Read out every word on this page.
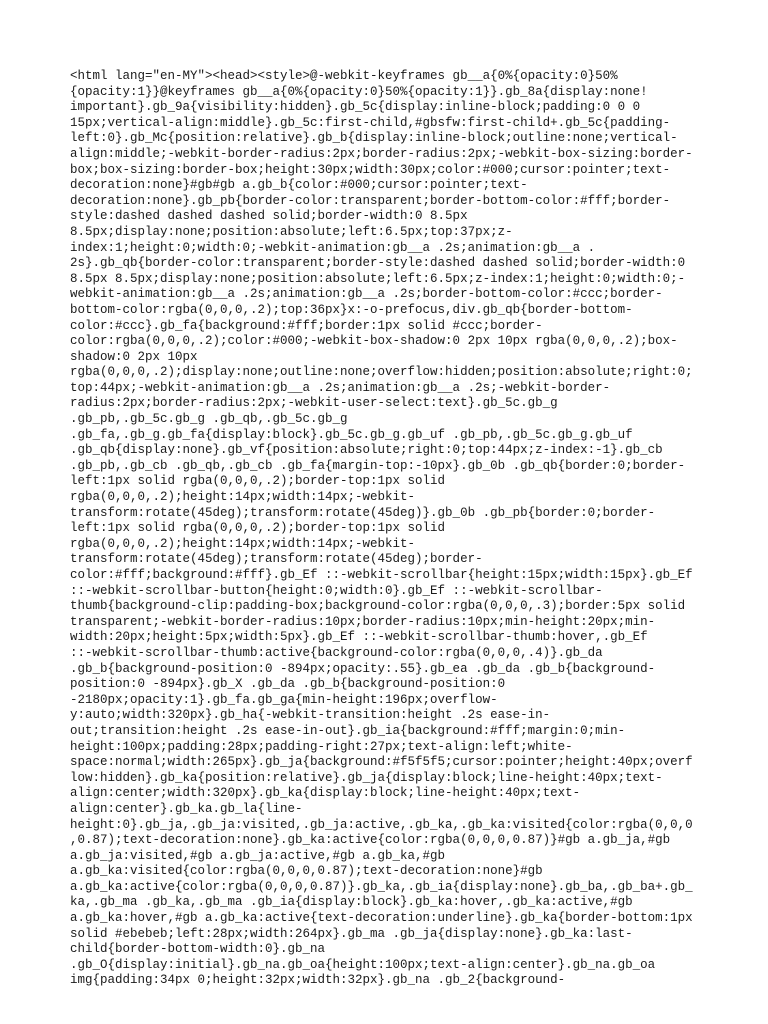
<html lang="en-MY"><head><style>@-webkit-keyframes gb__a{0%{opacity:0}50%
{opacity:1}}@keyframes gb__a{0%{opacity:0}50%{opacity:1}}.gb_8a{display:none!
important}.gb_9a{visibility:hidden}.gb_5c{display:inline-block;padding:0 0 0
15px;vertical-align:middle}.gb_5c:first-child,#gbsfw:first-child+.gb_5c{padding-
left:0}.gb_Mc{position:relative}.gb_b{display:inline-block;outline:none;vertical-
align:middle;-webkit-border-radius:2px;border-radius:2px;-webkit-box-sizing:border-
box;box-sizing:border-box;height:30px;width:30px;color:#000;cursor:pointer;text-
decoration:none}#gb#gb a.gb_b{color:#000;cursor:pointer;text-
decoration:none}.gb_pb{border-color:transparent;border-bottom-color:#fff;border-
style:dashed dashed dashed solid;border-width:0 8.5px
8.5px;display:none;position:absolute;left:6.5px;top:37px;z-
index:1;height:0;width:0;-webkit-animation:gb__a .2s;animation:gb__a .
2s}.gb_qb{border-color:transparent;border-style:dashed dashed solid;border-width:0
8.5px 8.5px;display:none;position:absolute;left:6.5px;z-index:1;height:0;width:0;-
webkit-animation:gb__a .2s;animation:gb__a .2s;border-bottom-color:#ccc;border-
bottom-color:rgba(0,0,0,.2);top:36px}x:-o-prefocus,div.gb_qb{border-bottom-
color:#ccc}.gb_fa{background:#fff;border:1px solid #ccc;border-
color:rgba(0,0,0,.2);color:#000;-webkit-box-shadow:0 2px 10px rgba(0,0,0,.2);box-
shadow:0 2px 10px
rgba(0,0,0,.2);display:none;outline:none;overflow:hidden;position:absolute;right:0;
top:44px;-webkit-animation:gb__a .2s;animation:gb__a .2s;-webkit-border-
radius:2px;border-radius:2px;-webkit-user-select:text}.gb_5c.gb_g
.gb_pb,.gb_5c.gb_g .gb_qb,.gb_5c.gb_g
.gb_fa,.gb_g.gb_fa{display:block}.gb_5c.gb_g.gb_uf .gb_pb,.gb_5c.gb_g.gb_uf
.gb_qb{display:none}.gb_vf{position:absolute;right:0;top:44px;z-index:-1}.gb_cb
.gb_pb,.gb_cb .gb_qb,.gb_cb .gb_fa{margin-top:-10px}.gb_0b .gb_qb{border:0;border-
left:1px solid rgba(0,0,0,.2);border-top:1px solid
rgba(0,0,0,.2);height:14px;width:14px;-webkit-
transform:rotate(45deg);transform:rotate(45deg)}.gb_0b .gb_pb{border:0;border-
left:1px solid rgba(0,0,0,.2);border-top:1px solid
rgba(0,0,0,.2);height:14px;width:14px;-webkit-
transform:rotate(45deg);transform:rotate(45deg);border-
color:#fff;background:#fff}.gb_Ef ::-webkit-scrollbar{height:15px;width:15px}.gb_Ef
::-webkit-scrollbar-button{height:0;width:0}.gb_Ef ::-webkit-scrollbar-
thumb{background-clip:padding-box;background-color:rgba(0,0,0,.3);border:5px solid
transparent;-webkit-border-radius:10px;border-radius:10px;min-height:20px;min-
width:20px;height:5px;width:5px}.gb_Ef ::-webkit-scrollbar-thumb:hover,.gb_Ef
::-webkit-scrollbar-thumb:active{background-color:rgba(0,0,0,.4)}.gb_da
.gb_b{background-position:0 -894px;opacity:.55}.gb_ea .gb_da .gb_b{background-
position:0 -894px}.gb_X .gb_da .gb_b{background-position:0
-2180px;opacity:1}.gb_fa.gb_ga{min-height:196px;overflow-
y:auto;width:320px}.gb_ha{-webkit-transition:height .2s ease-in-
out;transition:height .2s ease-in-out}.gb_ia{background:#fff;margin:0;min-
height:100px;padding:28px;padding-right:27px;text-align:left;white-
space:normal;width:265px}.gb_ja{background:#f5f5f5;cursor:pointer;height:40px;overf
low:hidden}.gb_ka{position:relative}.gb_ja{display:block;line-height:40px;text-
align:center;width:320px}.gb_ka{display:block;line-height:40px;text-
align:center}.gb_ka.gb_la{line-
height:0}.gb_ja,.gb_ja:visited,.gb_ja:active,.gb_ka,.gb_ka:visited{color:rgba(0,0,0
,0.87);text-decoration:none}.gb_ka:active{color:rgba(0,0,0,0.87)}#gb a.gb_ja,#gb
a.gb_ja:visited,#gb a.gb_ja:active,#gb a.gb_ka,#gb
a.gb_ka:visited{color:rgba(0,0,0,0.87);text-decoration:none}#gb
a.gb_ka:active{color:rgba(0,0,0,0.87)}.gb_ka,.gb_ia{display:none}.gb_ba,.gb_ba+.gb_
ka,.gb_ma .gb_ka,.gb_ma .gb_ia{display:block}.gb_ka:hover,.gb_ka:active,#gb
a.gb_ka:hover,#gb a.gb_ka:active{text-decoration:underline}.gb_ka{border-bottom:1px
solid #ebebeb;left:28px;width:264px}.gb_ma .gb_ja{display:none}.gb_ka:last-
child{border-bottom-width:0}.gb_na
.gb_O{display:initial}.gb_na.gb_oa{height:100px;text-align:center}.gb_na.gb_oa
img{padding:34px 0;height:32px;width:32px}.gb_na .gb_2{background-
